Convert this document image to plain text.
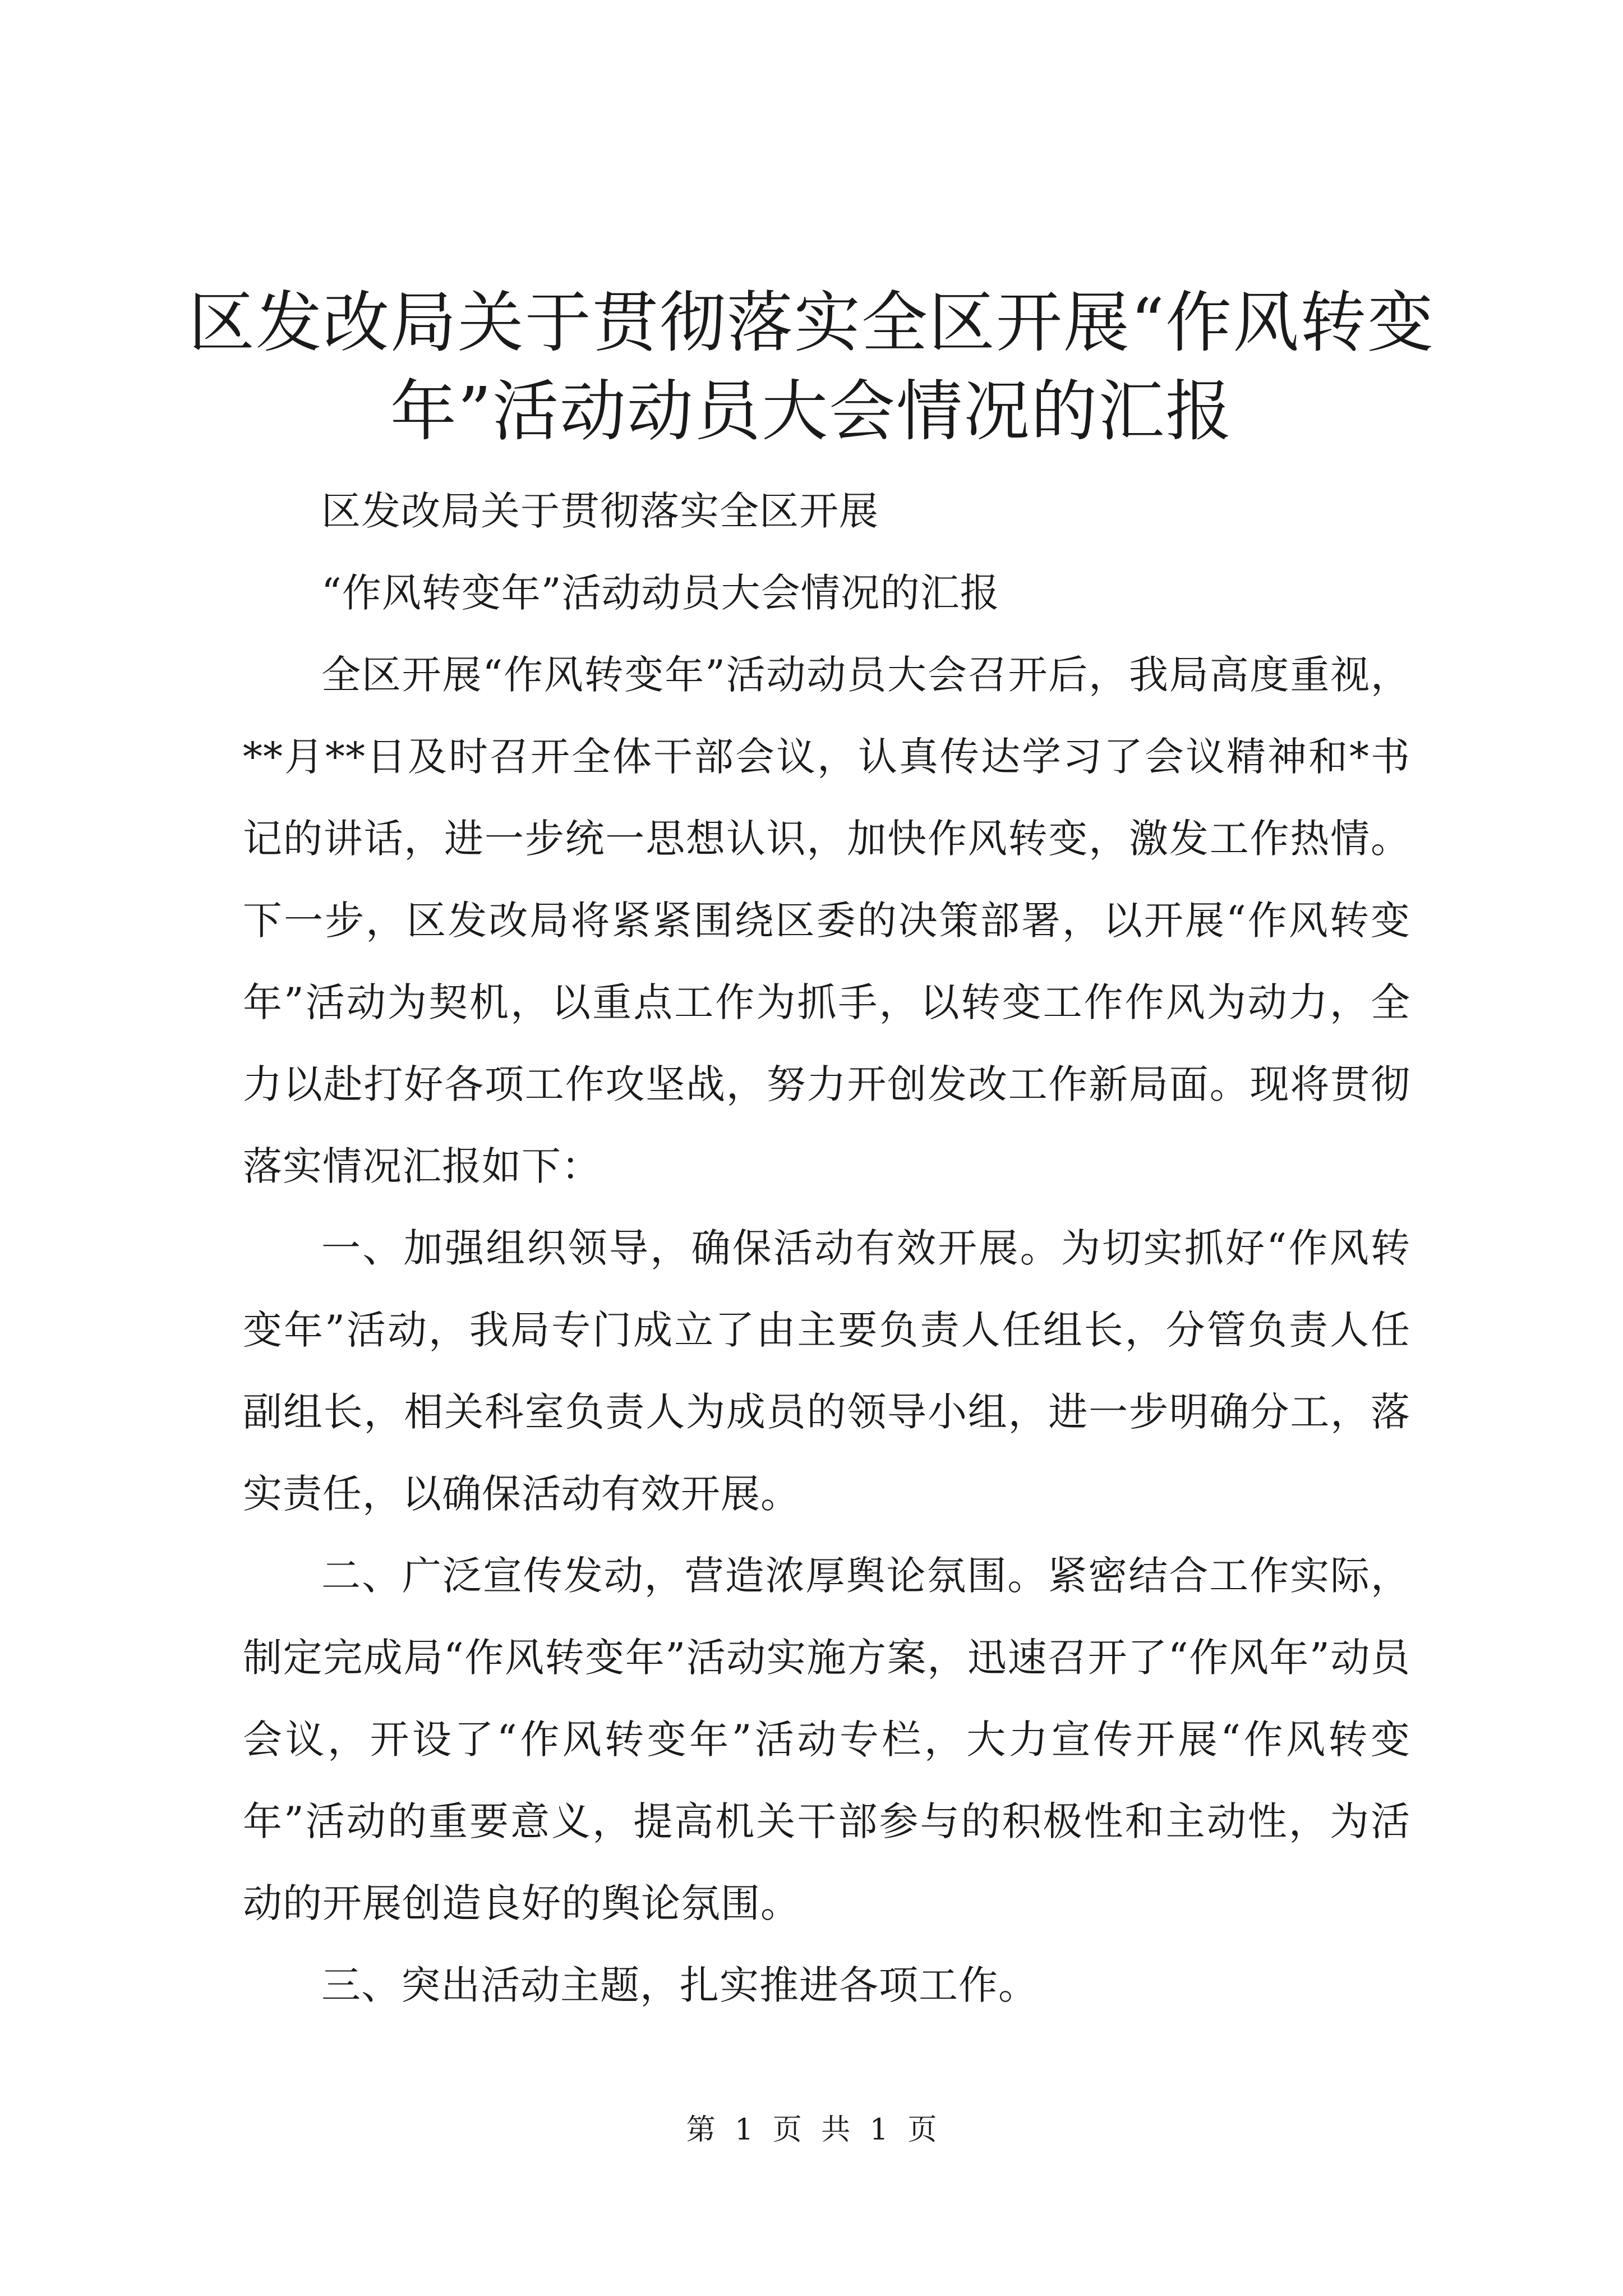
区发改局关于贯彻落实全区开展“作风转变
年”活动动员大会情况的汇报

区发改局关于贯彻落实全区开展

“作风转变年”活动动员大会情况的汇报

全区开展“作风转变年”活动动员大会召开后，我局高度重视，**月**日及时召开全体干部会议，认真传达学习了会议精神和*书记的讲话，进一步统一思想认识，加快作风转变，激发工作热情。下一步，区发改局将紧紧围绕区委的决策部署，以开展“作风转变年”活动为契机，以重点工作为抓手，以转变工作作风为动力，全力以赴打好各项工作攻坚战，努力开创发改工作新局面。现将贯彻落实情况汇报如下：

一、加强组织领导，确保活动有效开展。为切实抓好“作风转变年”活动，我局专门成立了由主要负责人任组长，分管负责人任副组长，相关科室负责人为成员的领导小组，进一步明确分工，落实责任，以确保活动有效开展。

二、广泛宣传发动，营造浓厚舆论氛围。紧密结合工作实际，制定完成局“作风转变年”活动实施方案，迅速召开了“作风年”动员会议，开设了“作风转变年”活动专栏，大力宣传开展“作风转变年”活动的重要意义，提高机关干部参与的积极性和主动性，为活动的开展创造良好的舆论氛围。

三、突出活动主题，扎实推进各项工作。

第 1 页 共 1 页
